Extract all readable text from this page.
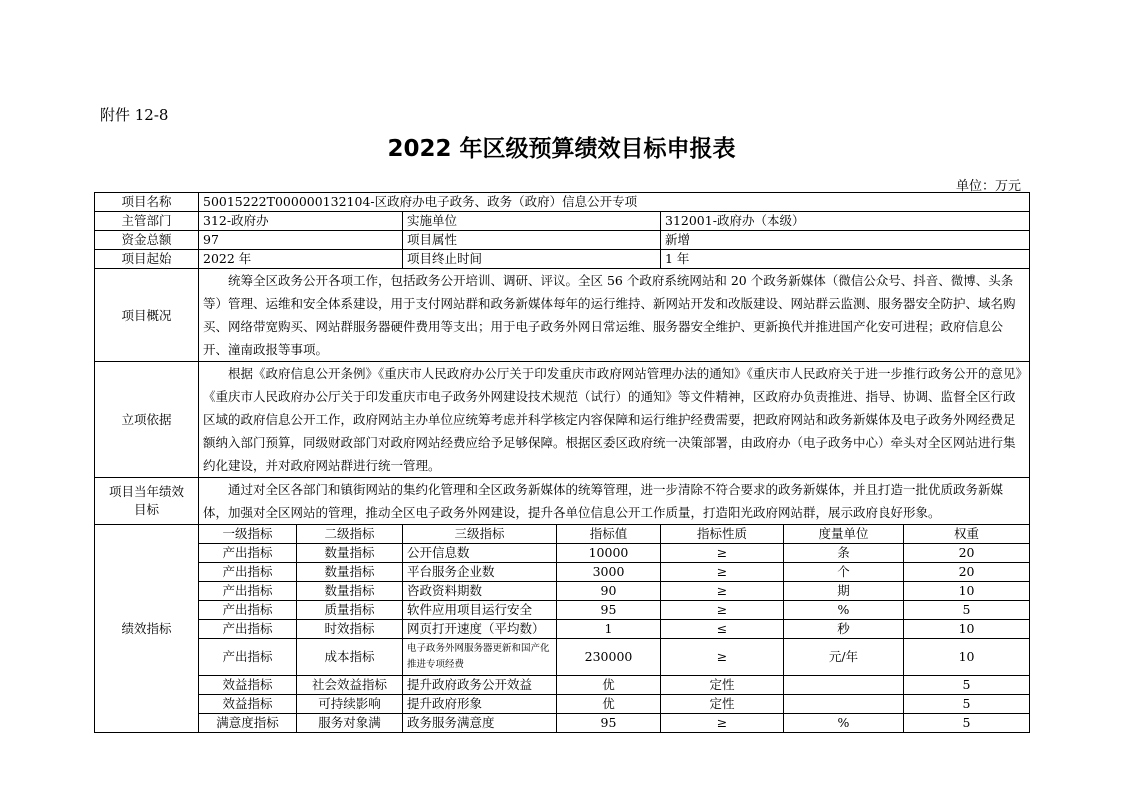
附件 12-8
2022 年区级预算绩效目标申报表
单位：万元
项目名称	50015222T000000132104-区政府办电子政务、政务（政府）信息公开专项						
主管部门	312-政府办		实施单位		312001-政府办（本级）		
资金总额	97		项目属性		新增		
项目起始	2022 年		项目终止时间		1 年		
项目概况	统筹全区政务公开各项工作，包括政务公开培训、调研、评议。全区 56 个政府系统网站和 20 个政务新媒体（微信公众号、抖音、微博、头条等）管理、运维和安全体系建设，用于支付网站群和政务新媒体每年的运行维持、新网站开发和改版建设、网站群云监测、服务器安全防护、域名购买、网络带宽购买、网站群服务器硬件费用等支出；用于电子政务外网日常运维、服务器安全维护、更新换代并推进国产化安可进程；政府信息公开、潼南政报等事项。						

立项依据	根据《政府信息公开条例》《重庆市人民政府办公厅关于印发重庆市政府网站管理办法的通知》《重庆市人民政府关于进一步推行政务公开的意见》《重庆市人民政府办公厅关于印发重庆市电子政务外网建设技术规范（试行）的通知》等文件精神，区政府办负责推进、指导、协调、监督全区行政区域的政府信息公开工作，政府网站主办单位应统筹考虑并科学核定内容保障和运行维护经费需要，把政府网站和政务新媒体及电子政务外网经费足额纳入部门预算，同级财政部门对政府网站经费应给予足够保障。根据区委区政府统一决策部署，由政府办（电子政务中心）牵头对全区网站进行集约化建设，并对政府网站群进行统一管理。						

项目当年绩效目标	通过对全区各部门和镇街网站的集约化管理和全区政务新媒体的统筹管理，进一步清除不符合要求的政务新媒体，并且打造一批优质政务新媒体，加强对全区网站的管理，推动全区电子政务外网建设，提升各单位信息公开工作质量，打造阳光政府网站群，展示政府良好形象。						

绩效指标	一级指标	二级指标	三级指标	指标值	指标性质	度量单位	权重
	产出指标	数量指标	公开信息数	10000	≥	条	20
	产出指标	数量指标	平台服务企业数	3000	≥	个	20
	产出指标	数量指标	咨政资料期数	90	≥	期	10
	产出指标	质量指标	软件应用项目运行安全	95	≥	%	5
	产出指标	时效指标	网页打开速度（平均数）	1	≤	秒	10
	产出指标	成本指标	电子政务外网服务器更新和国产化推进专项经费	230000	≥	元/年	10
	效益指标	社会效益指标	提升政府政务公开效益	优	定性		5
	效益指标	可持续影响	提升政府形象	优	定性		5
	满意度指标	服务对象满	政务服务满意度	95	≥	%	5
